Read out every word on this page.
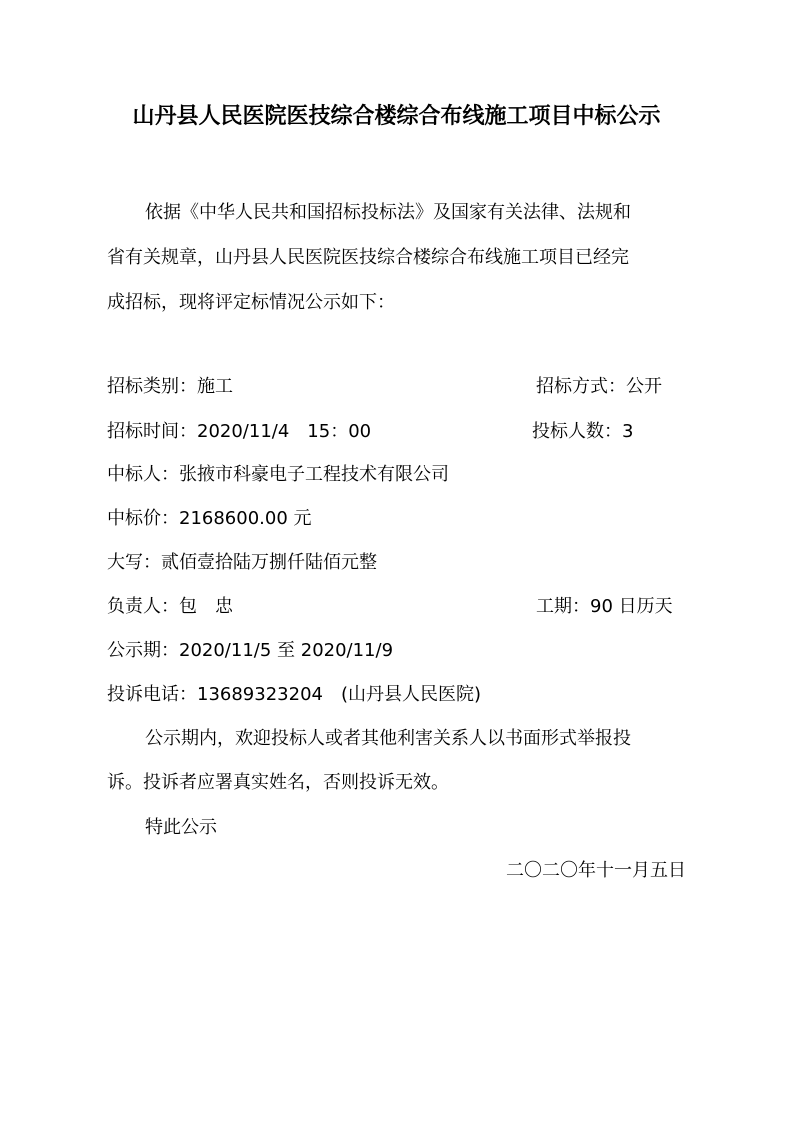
山丹县人民医院医技综合楼综合布线施工项目中标公示
依据《中华人民共和国招标投标法》及国家有关法律、法规和
省有关规章，山丹县人民医院医技综合楼综合布线施工项目已经完
成招标，现将评定标情况公示如下：
招标类别：施工	招标方式：公开
招标时间：2020/11/4　15：00	投标人数：3
中标人：张掖市科豪电子工程技术有限公司
中标价：2168600.00 元
大写：贰佰壹拾陆万捌仟陆佰元整
负责人：包　忠	工期：90 日历天
公示期：2020/11/5 至 2020/11/9
投诉电话：13689323204　(山丹县人民医院)
公示期内，欢迎投标人或者其他利害关系人以书面形式举报投
诉。投诉者应署真实姓名，否则投诉无效。
特此公示
二〇二〇年十一月五日
